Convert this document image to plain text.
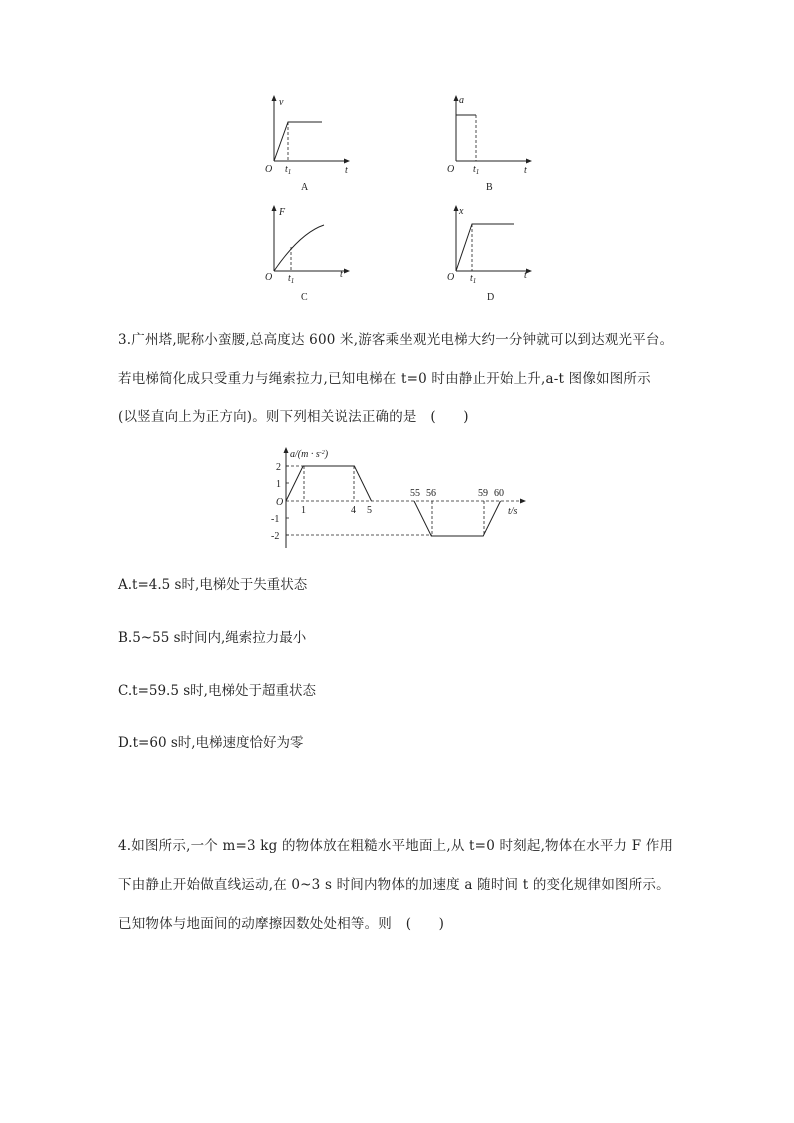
v
t
O $t_1$
A
a
t
O $t_1$
B
F
t
O $t_1$
C
x
t
O $t_1$
D
3.广州塔,昵称小蛮腰,总高度达 600 米,游客乘坐观光电梯大约一分钟就可以到达观光平台。
若电梯简化成只受重力与绳索拉力,已知电梯在 t=0 时由静止开始上升,a-t 图像如图所示
(以竖直向上为正方向)。则下列相关说法正确的是　(　　)
$a/(m \cdot s^{-2})$
t/s
O
2
1
-1
-2
1	4 5
55 56	59 60
A.t=4.5 s时,电梯处于失重状态
B.5~55 s时间内,绳索拉力最小
C.t=59.5 s时,电梯处于超重状态
D.t=60 s时,电梯速度恰好为零
4.如图所示,一个 m=3 kg 的物体放在粗糙水平地面上,从 t=0 时刻起,物体在水平力 F 作用
下由静止开始做直线运动,在 0~3 s 时间内物体的加速度 a 随时间 t 的变化规律如图所示。
已知物体与地面间的动摩擦因数处处相等。则　(　　)
